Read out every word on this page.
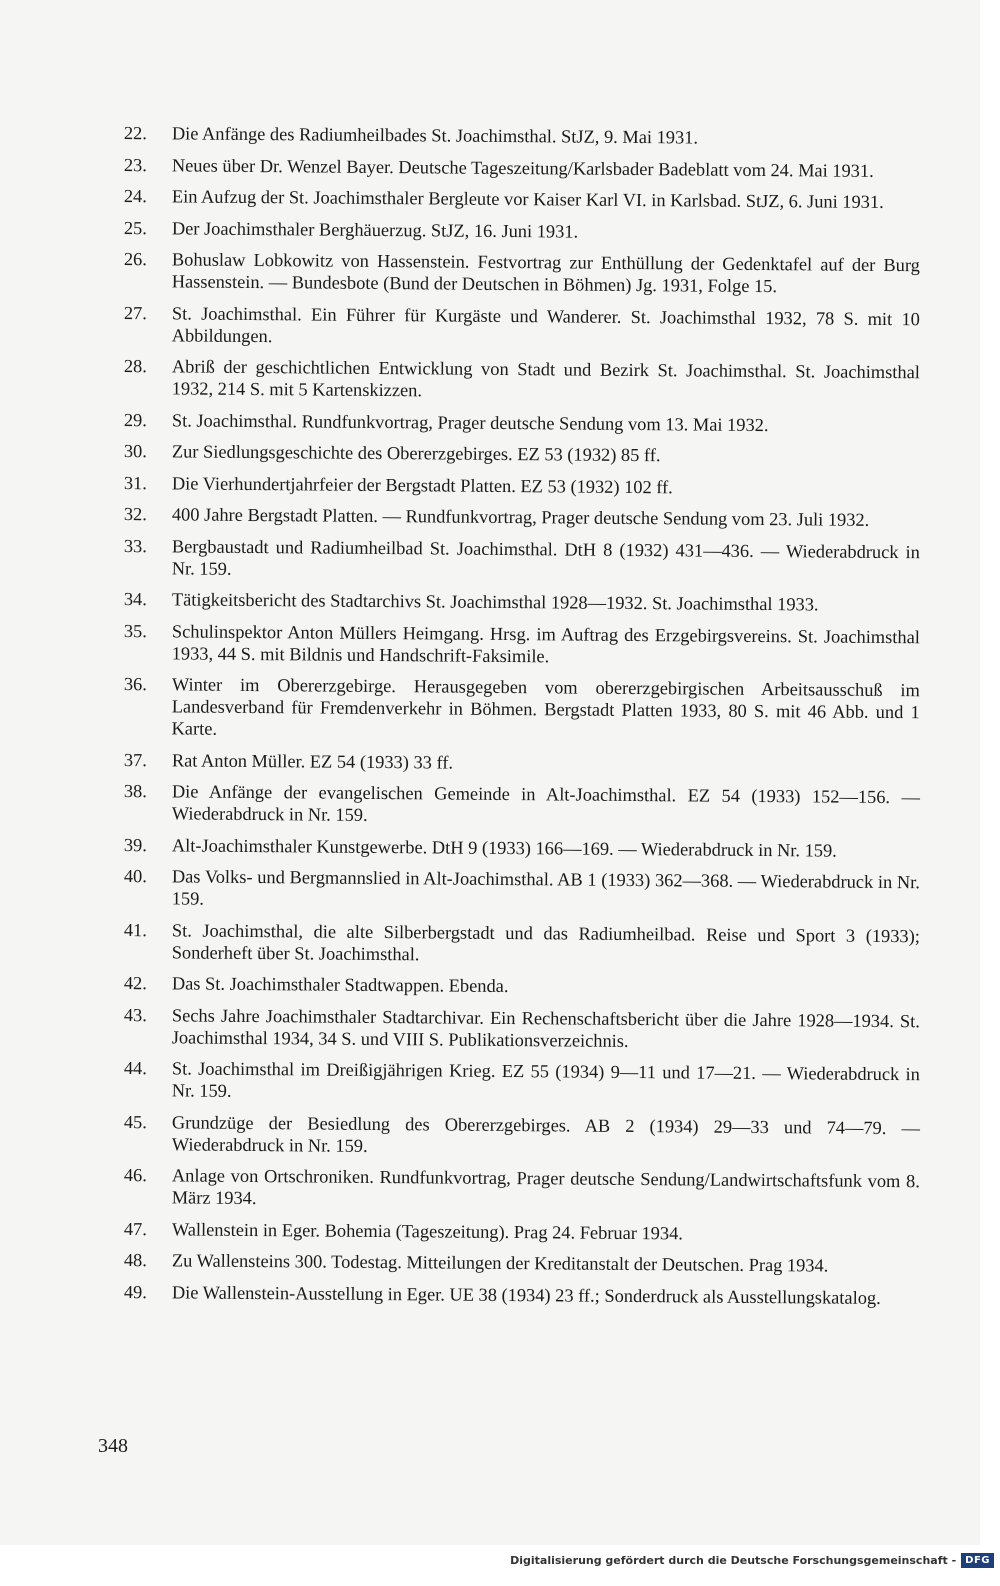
22.	Die Anfänge des Radiumheilbades St. Joachimsthal. StJZ, 9. Mai 1931.
23.	Neues über Dr. Wenzel Bayer. Deutsche Tageszeitung/Karlsbader Badeblatt vom 24. Mai 1931.
24.	Ein Aufzug der St. Joachimsthaler Bergleute vor Kaiser Karl VI. in Karlsbad. StJZ, 6. Juni 1931.
25.	Der Joachimsthaler Berghäuerzug. StJZ, 16. Juni 1931.
26.	Bohuslaw Lobkowitz von Hassenstein. Festvortrag zur Enthüllung der Gedenktafel auf der Burg Hassenstein. — Bundesbote (Bund der Deutschen in Böhmen) Jg. 1931, Folge 15.
27.	St. Joachimsthal. Ein Führer für Kurgäste und Wanderer. St. Joachimsthal 1932, 78 S. mit 10 Abbildungen.
28.	Abriß der geschichtlichen Entwicklung von Stadt und Bezirk St. Joachimsthal. St. Joachimsthal 1932, 214 S. mit 5 Kartenskizzen.
29.	St. Joachimsthal. Rundfunkvortrag, Prager deutsche Sendung vom 13. Mai 1932.
30.	Zur Siedlungsgeschichte des Obererzgebirges. EZ 53 (1932) 85 ff.
31.	Die Vierhundertjahrfeier der Bergstadt Platten. EZ 53 (1932) 102 ff.
32.	400 Jahre Bergstadt Platten. — Rundfunkvortrag, Prager deutsche Sendung vom 23. Juli 1932.
33.	Bergbaustadt und Radiumheilbad St. Joachimsthal. DtH 8 (1932) 431—436. — Wiederabdruck in Nr. 159.
34.	Tätigkeitsbericht des Stadtarchivs St. Joachimsthal 1928—1932. St. Joachimsthal 1933.
35.	Schulinspektor Anton Müllers Heimgang. Hrsg. im Auftrag des Erzgebirgsvereins. St. Joachimsthal 1933, 44 S. mit Bildnis und Handschrift-Faksimile.
36.	Winter im Obererzgebirge. Herausgegeben vom obererzgebirgischen Arbeitsausschuß im Landesverband für Fremdenverkehr in Böhmen. Bergstadt Platten 1933, 80 S. mit 46 Abb. und 1 Karte.
37.	Rat Anton Müller. EZ 54 (1933) 33 ff.
38.	Die Anfänge der evangelischen Gemeinde in Alt-Joachimsthal. EZ 54 (1933) 152—156. — Wiederabdruck in Nr. 159.
39.	Alt-Joachimsthaler Kunstgewerbe. DtH 9 (1933) 166—169. — Wiederabdruck in Nr. 159.
40.	Das Volks- und Bergmannslied in Alt-Joachimsthal. AB 1 (1933) 362—368. — Wiederabdruck in Nr. 159.
41.	St. Joachimsthal, die alte Silberbergstadt und das Radiumheilbad. Reise und Sport 3 (1933); Sonderheft über St. Joachimsthal.
42.	Das St. Joachimsthaler Stadtwappen. Ebenda.
43.	Sechs Jahre Joachimsthaler Stadtarchivar. Ein Rechenschaftsbericht über die Jahre 1928—1934. St. Joachimsthal 1934, 34 S. und VIII S. Publikationsverzeichnis.
44.	St. Joachimsthal im Dreißigjährigen Krieg. EZ 55 (1934) 9—11 und 17—21. — Wiederabdruck in Nr. 159.
45.	Grundzüge der Besiedlung des Obererzgebirges. AB 2 (1934) 29—33 und 74—79. — Wiederabdruck in Nr. 159.
46.	Anlage von Ortschroniken. Rundfunkvortrag, Prager deutsche Sendung/Landwirtschaftsfunk vom 8. März 1934.
47.	Wallenstein in Eger. Bohemia (Tageszeitung). Prag 24. Februar 1934.
48.	Zu Wallensteins 300. Todestag. Mitteilungen der Kreditanstalt der Deutschen. Prag 1934.
49.	Die Wallenstein-Ausstellung in Eger. UE 38 (1934) 23 ff.; Sonderdruck als Ausstellungskatalog.
348
Digitalisierung gefördert durch die Deutsche Forschungsgemeinschaft - DFG
